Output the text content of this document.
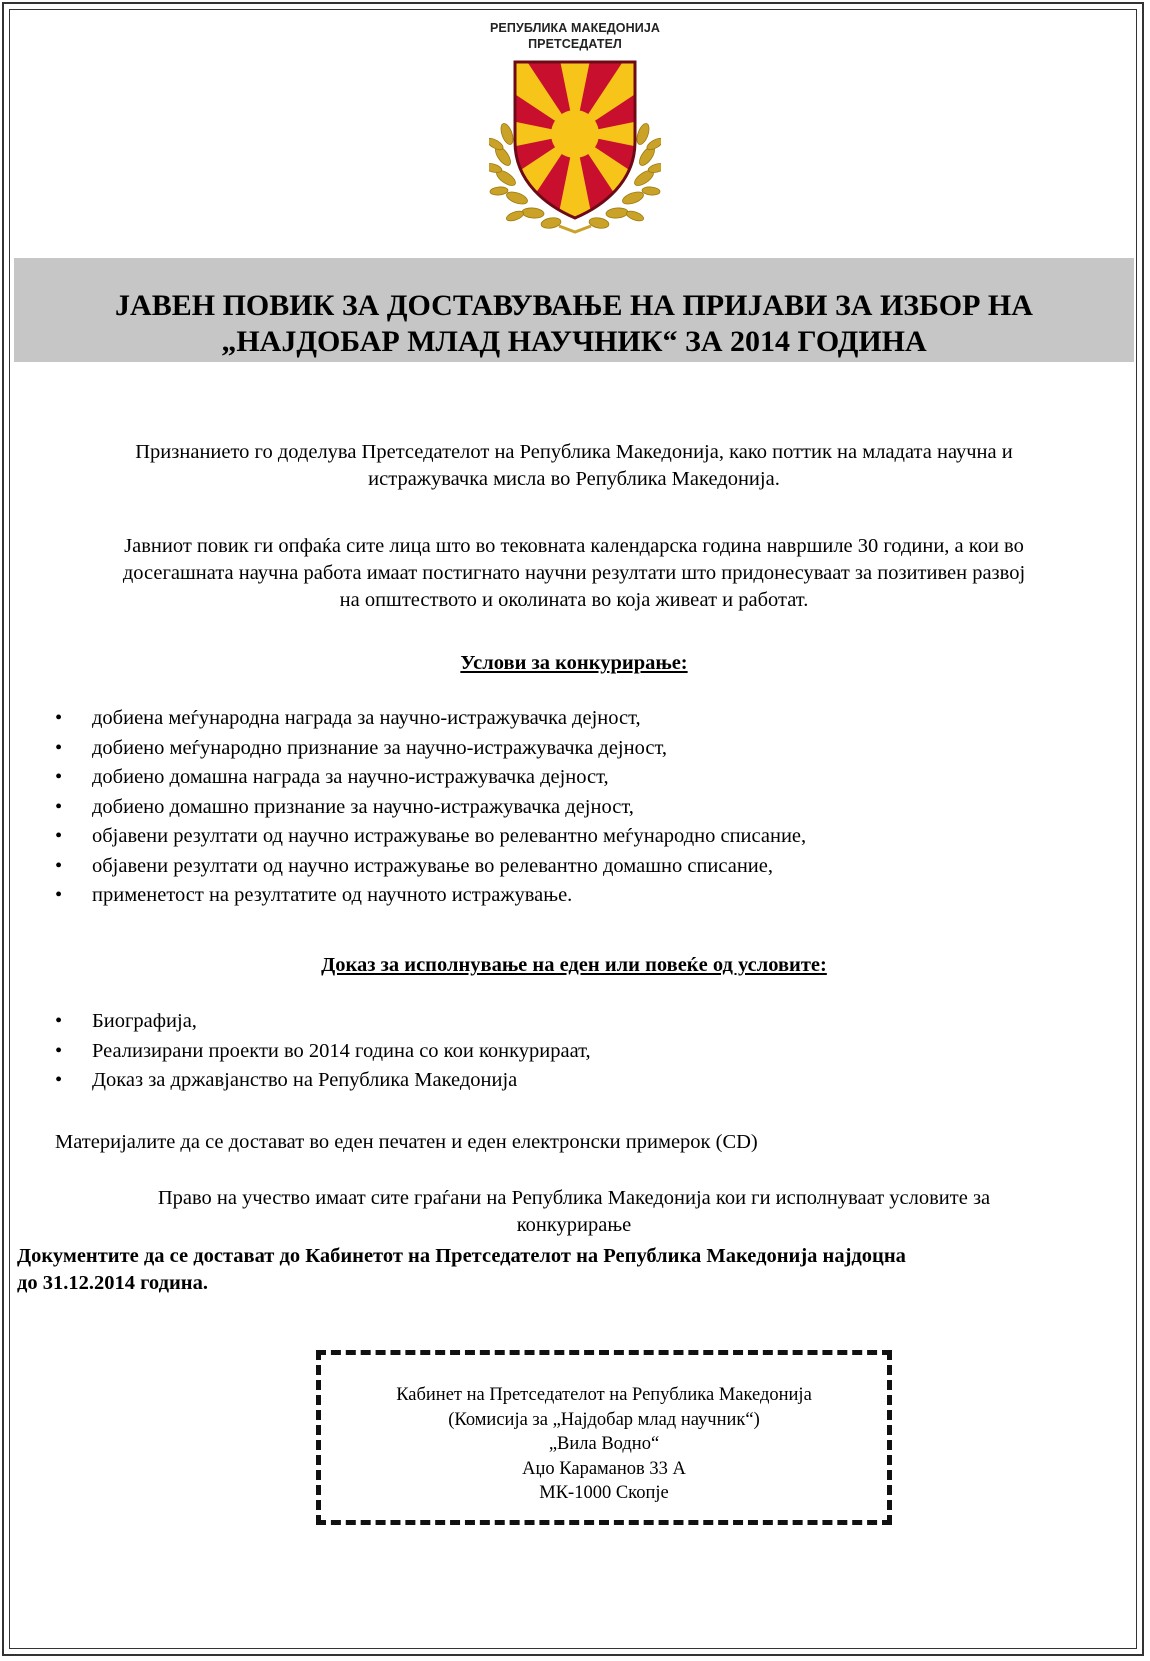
РЕПУБЛИКА МАКЕДОНИЈА
ПРЕТСЕДАТЕЛ

ЈАВЕН ПОВИК ЗА ДОСТАВУВАЊЕ НА ПРИЈАВИ ЗА ИЗБОР НА

„НАЈДОБАР МЛАД НАУЧНИК“ ЗА 2014 ГОДИНА

Признанието го доделува Претседателот на Република Македонија, како поттик на младата научна и

истражувачка мисла во Република Македонија.

Јавниот повик ги опфаќа сите лица што во тековната календарска година навршиле 30 години, а кои во

досегашната научна работа имаат постигнато научни резултати што придонесуваат за позитивен развој

на општеството и околината во која живеат и работат.

Услови за конкурирање:

•	добиена меѓународна награда за научно-истражувачка дејност,
•	добиено меѓународно признание за научно-истражувачка дејност,
•	добиено домашна награда за научно-истражувачка дејност,
•	добиено домашно признание за научно-истражувачка дејност,
•	објавени резултати од научно истражување во релевантно меѓународно списание,
•	објавени резултати од научно истражување во релевантно домашно списание,
•	применетост на резултатите од научното истражување.

Доказ за исполнување на еден или повеќе од условите:

•	Биографија,
•	Реализирани проекти во 2014 година со кои конкурираат,
•	Доказ за државјанство на Република Македонија

Материјалите да се достават во еден печатен и еден електронски примерок (CD)

Право на учество имаат сите граѓани на Република Македонија кои ги исполнуваат условите за

конкурирање

Документите да се достават до Кабинетот на Претседателот на Република Македонија најдоцна

до 31.12.2014 година.

Кабинет на Претседателот на Република Македонија

(Комисија за „Најдобар млад научник“)

„Вила Водно“

Аџо Караманов 33 А

МК-1000 Скопје
